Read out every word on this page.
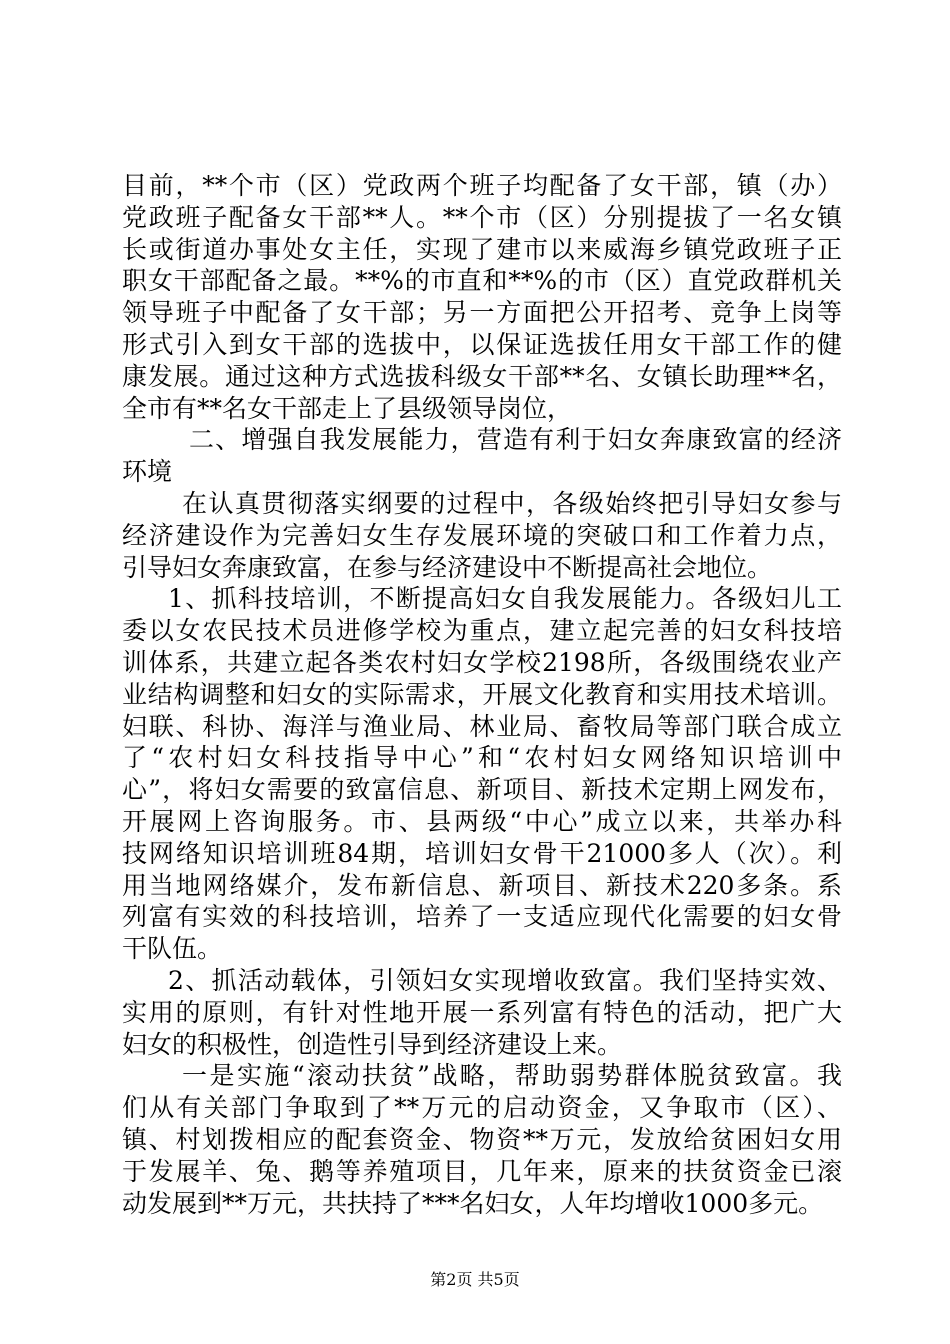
目前，**个市（区）党政两个班子均配备了女干部，镇（办）
党政班子配备女干部**人。**个市（区）分别提拔了一名女镇
长或街道办事处女主任，实现了建市以来威海乡镇党政班子正
职女干部配备之最。**%的市直和**%的市（区）直党政群机关
领导班子中配备了女干部；另一方面把公开招考、竞争上岗等
形式引入到女干部的选拔中，以保证选拔任用女干部工作的健
康发展。通过这种方式选拔科级女干部**名、女镇长助理**名，
全市有**名女干部走上了县级领导岗位，
二、增强自我发展能力，营造有利于妇女奔康致富的经济
环境
在认真贯彻落实纲要的过程中，各级始终把引导妇女参与
经济建设作为完善妇女生存发展环境的突破口和工作着力点，
引导妇女奔康致富，在参与经济建设中不断提高社会地位。
1、抓科技培训，不断提高妇女自我发展能力。各级妇儿工
委以女农民技术员进修学校为重点，建立起完善的妇女科技培
训体系，共建立起各类农村妇女学校2198所，各级围绕农业产
业结构调整和妇女的实际需求，开展文化教育和实用技术培训。
妇联、科协、海洋与渔业局、林业局、畜牧局等部门联合成立
了“农村妇女科技指导中心”和“农村妇女网络知识培训中
心”，将妇女需要的致富信息、新项目、新技术定期上网发布，
开展网上咨询服务。市、县两级“中心”成立以来，共举办科
技网络知识培训班84期，培训妇女骨干21000多人（次）。利
用当地网络媒介，发布新信息、新项目、新技术220多条。系
列富有实效的科技培训，培养了一支适应现代化需要的妇女骨
干队伍。
2、抓活动载体，引领妇女实现增收致富。我们坚持实效、
实用的原则，有针对性地开展一系列富有特色的活动，把广大
妇女的积极性，创造性引导到经济建设上来。
一是实施“滚动扶贫”战略，帮助弱势群体脱贫致富。我
们从有关部门争取到了**万元的启动资金，又争取市（区）、
镇、村划拨相应的配套资金、物资**万元，发放给贫困妇女用
于发展羊、兔、鹅等养殖项目，几年来，原来的扶贫资金已滚
动发展到**万元，共扶持了***名妇女，人年均增收1000多元。
第2页 共5页
